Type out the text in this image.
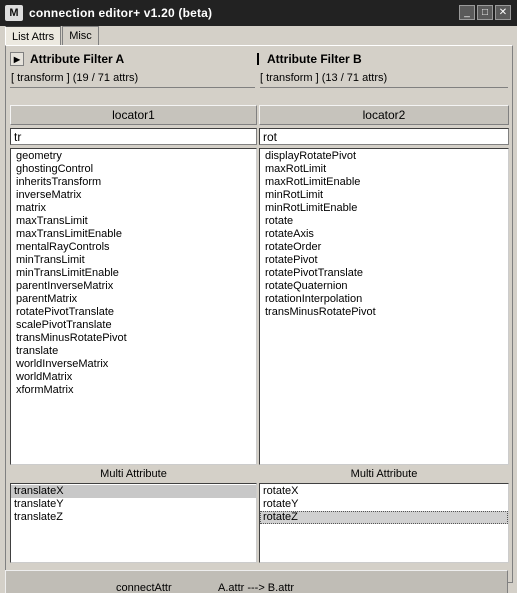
M connection editor+ v1.20 (beta)	_	□	✕
List Attrs	Misc
▶ Attribute Filter A	Attribute Filter B
[ transform ] (19 / 71 attrs)	[ transform ] (13 / 71 attrs)
locator1	locator2
tr
rot
geometry
ghostingControl
inheritsTransform
inverseMatrix
matrix
maxTransLimit
maxTransLimitEnable
mentalRayControls
minTransLimit
minTransLimitEnable
parentInverseMatrix
parentMatrix
rotatePivotTranslate
scalePivotTranslate
transMinusRotatePivot
translate
worldInverseMatrix
worldMatrix
xformMatrix
displayRotatePivot
maxRotLimit
maxRotLimitEnable
minRotLimit
minRotLimitEnable
rotate
rotateAxis
rotateOrder
rotatePivot
rotatePivotTranslate
rotateQuaternion
rotationInterpolation
transMinusRotatePivot
Multi Attribute	Multi Attribute
translateX
translateY
translateZ
rotateX
rotateY
rotateZ
connectAttr	A.attr ---> B.attr
